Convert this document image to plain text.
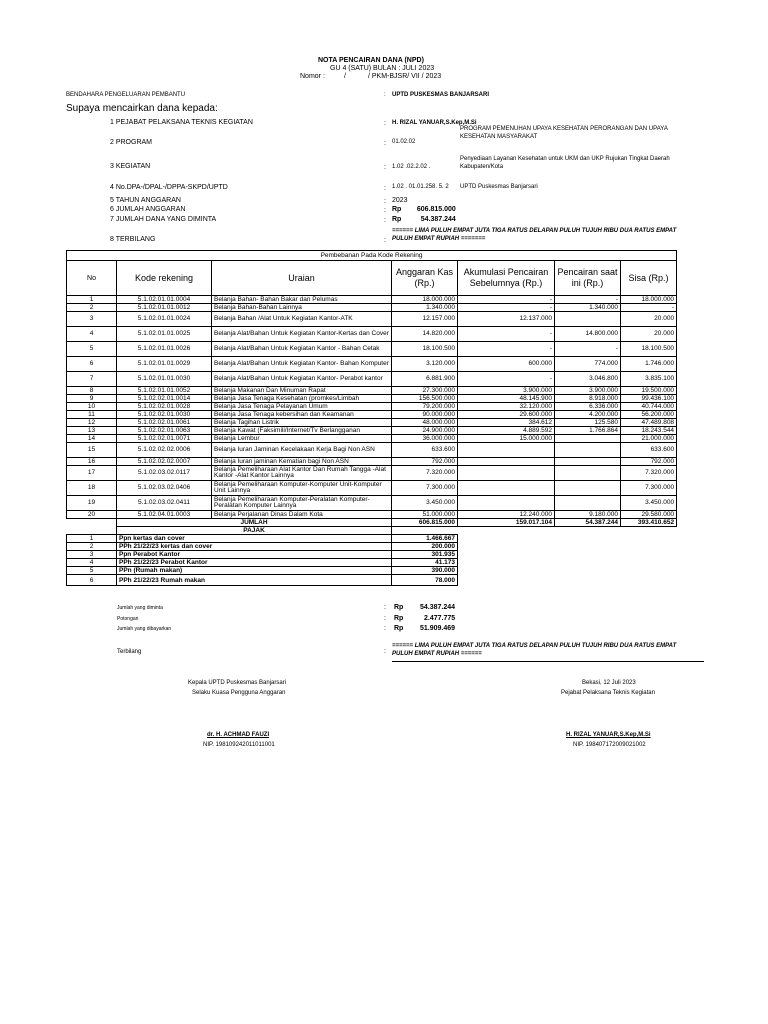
NOTA PENCAIRAN DANA (NPD)
GU 4 (SATU) BULAN : JULI 2023
Nomor :	/	/ PKM-BJSR/ VII / 2023
BENDAHARA PENGELUARAN PEMBANTU	: UPTD PUSKESMAS BANJARSARI
Supaya mencairkan dana kepada:
1 PEJABAT PELAKSANA TEKNIS KEGIATAN	: H. RIZAL YANUAR,S.Kep,M.Si
2 PROGRAM	: 01.02.02
PROGRAM PEMENUHAN UPAYA KESEHATAN PERORANGAN DAN UPAYA KESEHATAN MASYARAKAT
3 KEGIATAN	: 1.02 .02.2.02 .
Penyediaan Layanan Kesehatan untuk UKM dan UKP Rujukan Tingkat Daerah Kabupaten/Kota
4 No.DPA-/DPAL-/DPPA-SKPD/UPTD	: 1.02 . 01.01.258. 5. 2 UPTD Puskesmas Banjarsari
5 TAHUN ANGGARAN	: 2023
6 JUMLAH ANGGARAN	: Rp        606.815.000
7 JUMLAH DANA YANG DIMINTA	: Rp          54.387.244
8 TERBILANG	:
====== LIMA PULUH EMPAT JUTA TIGA RATUS DELAPAN PULUH TUJUH RIBU DUA RATUS EMPAT PULUH EMPAT RUPIAH =======
Pembebanan Pada Kode Rekening						
No	Kode rekening	Uraian	Anggaran Kas (Rp.)	Akumulasi Pencairan Sebelumnya (Rp.)	Pencairan saat ini (Rp.)	Sisa (Rp.)
1	5.1.02.01.01.0004	Belanja Bahan- Bahan Bakar dan Pelumas	18.000.000	-	-	18.000.000
2	5.1.02.01.01.0012	Belanja Bahan-Bahan Lainnya	1.340.000	-	1.340.000	-
3	5.1.02.01.01.0024	Belanja Bahan /Alat Untuk Kegiatan Kantor-ATK	12.157.000	12.137.000		20.000
4	5.1.02.01.01.0025	Belanja Alat/Bahan Untuk Kegiatan Kantor-Kertas dan Cover	14.820.000	-	14.800.000	20.000
5	5.1.02.01.01.0026	Belanja Alat/Bahan Untuk Kegiatan Kantor - Bahan Cetak	18.100.500	-	-	18.100.500
6	5.1.02.01.01.0029	Belanja Alat/Bahan Untuk Kegiatan Kantor- Bahan Komputer	3.120.000	600.000	774.000	1.746.000
7	5.1.02.01.01.0030	Belanja Alat/Bahan Untuk Kegiatan Kantor- Perabot kantor	6.881.900	-	3.046.800	3.835.100
8	5.1.02.01.01.0052	Belanja Makanan Dan Minuman Rapat	27.300.000	3.900.000	3.900.000	19.500.000
9	5.1.02.02.01.0014	Belanja Jasa Tenaga Kesehatan (promkes/Limbah	156.500.000	48.145.900	8.918.000	99.436.100
10	5.1.02.02.01.0028	Belanja Jasa Tenaga Pelayanan Umum	79.200.000	32.120.000	6.336.000	40.744.000
11	5.1.02.02.01.0030	Belanja Jasa Tenaga kebersihan dan Keamanan	90.000.000	29.600.000	4.200.000	56.200.000
12	5.1.02.02.01.0061	Belanja Tagihan Listrik	48.000.000	384.612	125.580	47.489.808
13	5.1.02.02.01.0063	Belanja Kawat (Faksimili/Internet/Tv Berlangganan	24.900.000	4.889.592	1.766.864	18.243.544
14	5.1.02.02.01.0071	Belanja Lembur	36.000.000	15.000.000		21.000.000
15	5.1.02.02.02.0006	Belanja Iuran Jaminan Kecelakaan Kerja Bagi Non ASN	633.600			633.600
16	5.1.02.02.02.0007	Belanja Iuran jaminan Kematian bagi Non ASN	792.000			792.000
17	5.1.02.03.02.0117	Belanja Pemeliharaan Alat Kantor Dan Rumah Tangga -Alat Kantor -Alat Kantor Lainnya	7.320.000			7.320.000
18	5.1.02.03.02.0406	Belanja Pemeliharaan Komputer-Komputer Unit-Komputer Unit Lainnya	7.300.000			7.300.000
19	5.1.02.03.02.0411	Belanja Pemeliharaan Komputer-Peralatan Komputer-Peralatan Komputer Lainnya	3.450.000			3.450.000
20	5.1.02.04.01.0003	Belanja Perjalanan Dinas Dalam Kota	51.000.000	12.240.000	9.180.000	29.580.000
	JUMLAH		606.815.000	159.017.104	54.387.244	393.410.652
	PAJAK					
1	Ppn kertas dan cover		1.466.667			
2	PPh 21/22/23 kertas dan cover		200.000			
3	Ppn Perabot Kantor		301.935			
4	PPh 21/22/23 Perabot Kantor		41.173			
5	PPn (Rumah makan)		390.000			
6	PPh 21/22/23 Rumah makan		78.000			
Jumlah yang diminta	: Rp 54.387.244
Potongan	: Rp	2.477.775
Jumlah yang dibayarkan	: Rp 51.909.469
Terbilang	:
====== LIMA PULUH EMPAT JUTA TIGA RATUS DELAPAN PULUH TUJUH RIBU DUA RATUS EMPAT PULUH EMPAT RUPIAH ======
Kepala UPTD Puskesmas Banjarsari
Selaku Kuasa Pengguna Anggaran
dr. H. ACHMAD FAUZI
NIP. 198109242011011001
Bekasi, 12 Juli 2023
Pejabat Pelaksana Teknis Kegiatan
H. RIZAL YANUAR,S.Kep,M.Si
NIP. 198407172009021002
